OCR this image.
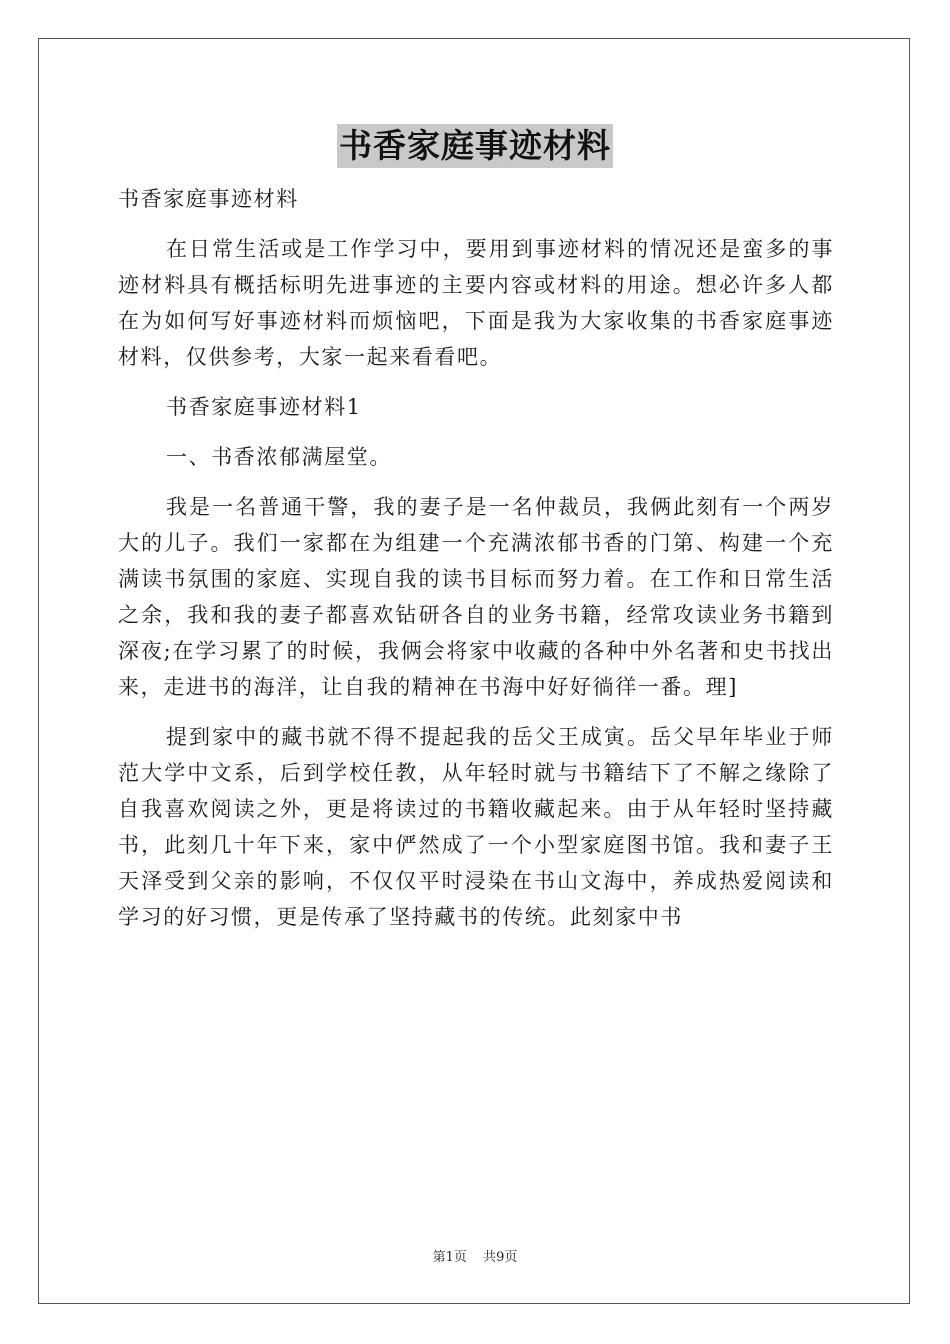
书香家庭事迹材料

书香家庭事迹材料

在日常生活或是工作学习中，要用到事迹材料的情况还是蛮多的事迹材料具有概括标明先进事迹的主要内容或材料的用途。想必许多人都在为如何写好事迹材料而烦恼吧，下面是我为大家收集的书香家庭事迹材料，仅供参考，大家一起来看看吧。

书香家庭事迹材料1

一、书香浓郁满屋堂。

我是一名普通干警，我的妻子是一名仲裁员，我俩此刻有一个两岁大的儿子。我们一家都在为组建一个充满浓郁书香的门第、构建一个充满读书氛围的家庭、实现自我的读书目标而努力着。在工作和日常生活之余，我和我的妻子都喜欢钻研各自的业务书籍，经常攻读业务书籍到深夜;在学习累了的时候，我俩会将家中收藏的各种中外名著和史书找出来，走进书的海洋，让自我的精神在书海中好好徜徉一番。理]

提到家中的藏书就不得不提起我的岳父王成寅。岳父早年毕业于师范大学中文系，后到学校任教，从年轻时就与书籍结下了不解之缘除了自我喜欢阅读之外，更是将读过的书籍收藏起来。由于从年轻时坚持藏书，此刻几十年下来，家中俨然成了一个小型家庭图书馆。我和妻子王天泽受到父亲的影响，不仅仅平时浸染在书山文海中，养成热爱阅读和学习的好习惯，更是传承了坚持藏书的传统。此刻家中书

第1页 共9页
